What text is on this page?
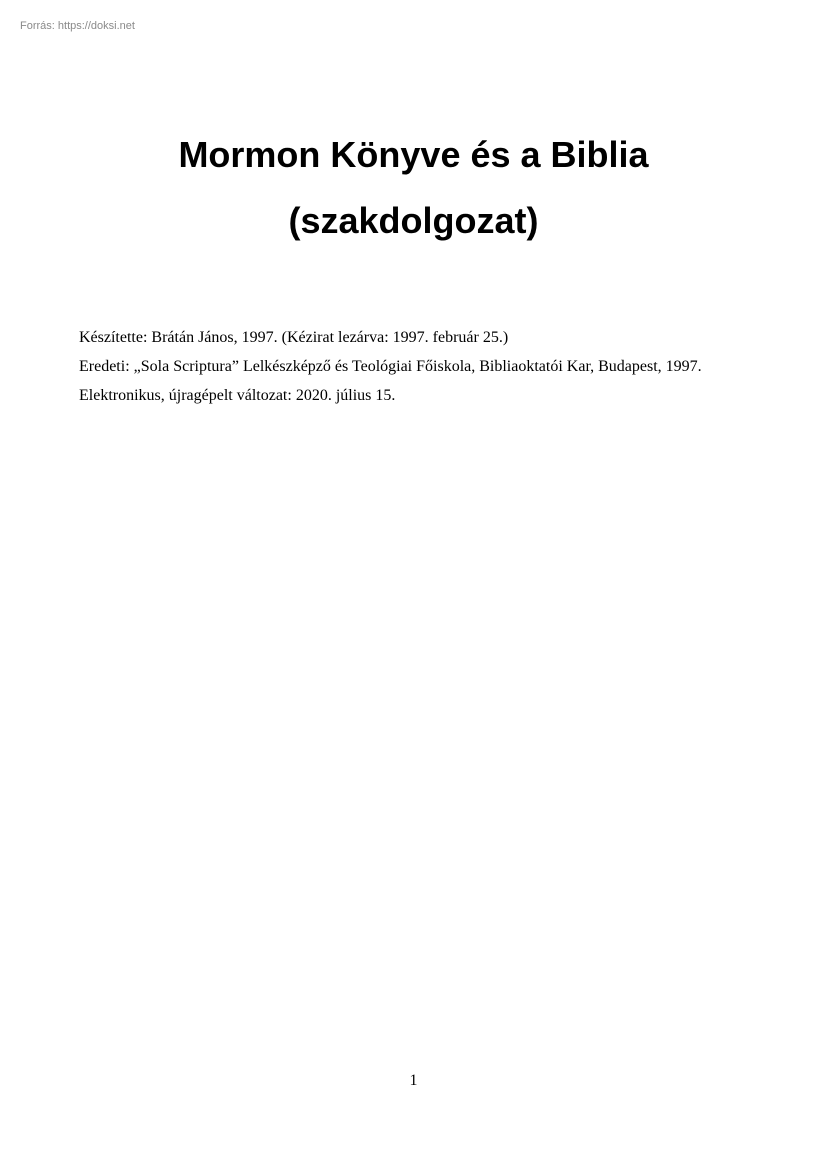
Forrás: https://doksi.net
Mormon Könyve és a Biblia
(szakdolgozat)
Készítette: Brátán János, 1997. (Kézirat lezárva: 1997. február 25.)
Eredeti: „Sola Scriptura” Lelkészképző és Teológiai Főiskola, Bibliaoktatói Kar, Budapest, 1997.
Elektronikus, újragépelt változat: 2020. július 15.
1
